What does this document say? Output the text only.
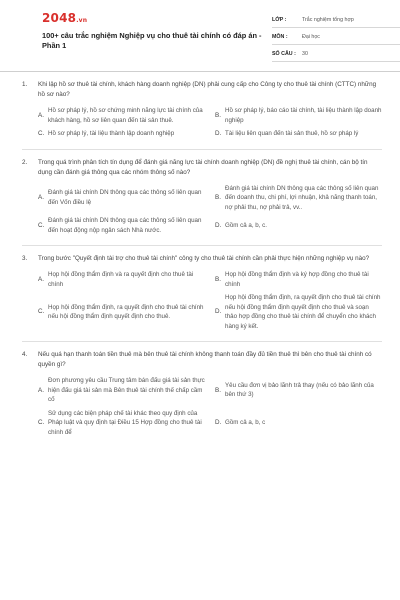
2048.vn
100+ câu trắc nghiệm Nghiệp vụ cho thuê tài chính có đáp án - Phần 1
LỚP :	Trắc nghiệm tổng hợp
MÔN :	Đại học
SỐ CÂU :	30
1.	Khi lập hồ sơ thuê tài chính, khách hàng doanh nghiệp (DN) phải cung cấp cho Công ty cho thuê tài chính (CTTC) những hồ sơ nào?
A.
Hồ sơ pháp lý, hồ sơ chứng minh năng lực tài chính của khách hàng, hồ sơ liên quan đến tài sản thuê.
B.
Hồ sơ pháp lý, báo cáo tài chính, tài liệu thành lập doanh nghiệp
C. Hồ sơ pháp lý, tài liệu thành lập doanh nghiệp	D. Tài liệu liên quan đến tài sản thuê, hồ sơ pháp lý
2.	Trong quá trình phân tích tín dụng để đánh giá năng lực tài chính doanh nghiệp (DN) đề nghị thuê tài chính, cán bộ tín dụng cần đánh giá thông qua các nhóm thông số nào?
A.
Đánh giá tài chính DN thông qua các thông số liên quan đến Vốn điều lệ
B.
Đánh giá tài chính DN thông qua các thông số liên quan đến doanh thu, chi phí, lợi nhuận, khả năng thanh toán, nợ phải thu, nợ phải trả, vv..
C.
Đánh giá tài chính DN thông qua các thông số liên quan đến hoạt động nộp ngân sách Nhà nước.
D. Gồm cả a, b, c.
3.	Trong bước "Quyết định tài trợ cho thuê tài chính" công ty cho thuê tài chính cần phải thực hiện những nghiệp vụ nào?
A.
Họp hội đồng thẩm định và ra quyết định cho thuê tài chính
B.
Họp hội đồng thẩm định và ký hợp đồng cho thuê tài chính
C.
Họp hội đồng thẩm định, ra quyết định cho thuê tài chính nếu hội đồng thẩm định quyết định cho thuê.
D.
Họp hội đồng thẩm định, ra quyết định cho thuê tài chính nếu hội đồng thẩm định quyết định cho thuê và soạn thảo hợp đồng cho thuê tài chính để chuyển cho khách hàng ký kết.
4.	Nếu quá hạn thanh toán tiền thuê mà bên thuê tài chính không thanh toán đầy đủ tiền thuê thì bên cho thuê tài chính có quyền gì?
A.
Đơn phương yêu cầu Trung tâm bán đấu giá tài sản thực hiện đấu giá tài sản mà Bên thuê tài chính thế chấp cầm cố
B.
Yêu cầu đơn vị bảo lãnh trả thay (nếu có bảo lãnh của bên thứ 3)
C.
Sử dụng các biện pháp chế tài khác theo quy định của Pháp luật và quy định tại Điều 15 Hợp đồng cho thuê tài chính để
D. Gồm cả a, b, c
